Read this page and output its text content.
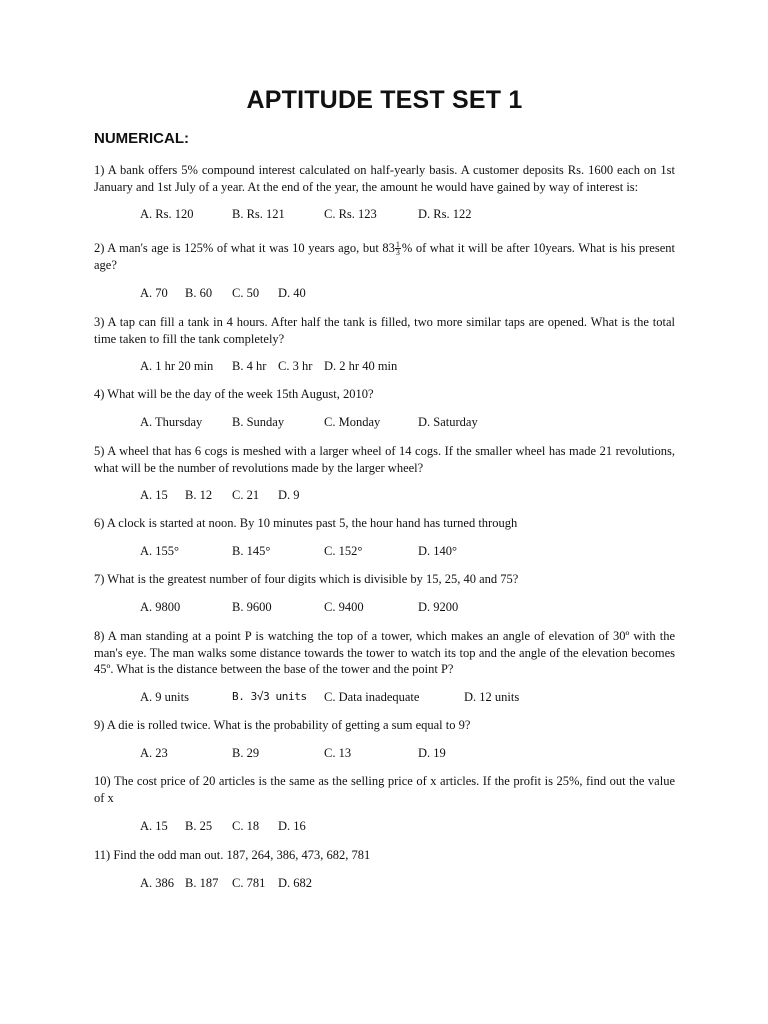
APTITUDE TEST SET 1
NUMERICAL:

1) A bank offers 5% compound interest calculated on half-yearly basis. A customer deposits Rs. 1600 each on 1st January and 1st July of a year. At the end of the year, the amount he would have gained by way of interest is:

A. Rs. 120	B. Rs. 121	C. Rs. 123	D. Rs. 122

2) A man's age is 125% of what it was 10 years ago, but $83 \frac{1}{3}$ % of what it will be after 10years. What is his present age?

A. 70 B. 60 C. 50 D. 40

3) A tap can fill a tank in 4 hours. After half the tank is filled, two more similar taps are opened. What is the total time taken to fill the tank completely?

A. 1 hr 20 min B. 4 hr C. 3 hr D. 2 hr 40 min

4) What will be the day of the week 15th August, 2010?

A. Thursday B. Sunday	C. Monday	D. Saturday

5) A wheel that has 6 cogs is meshed with a larger wheel of 14 cogs. If the smaller wheel has made 21 revolutions, what will be the number of revolutions made by the larger wheel?

A. 15 B. 12 C. 21 D. 9

6) A clock is started at noon. By 10 minutes past 5, the hour hand has turned through

A. 155°	B. 145°	C. 152°	D. 140°

7) What is the greatest number of four digits which is divisible by 15, 25, 40 and 75?

A. 9800	B. 9600	C. 9400	D. 9200

8) A man standing at a point P is watching the top of a tower, which makes an angle of elevation of 30º with the man's eye. The man walks some distance towards the tower to watch its top and the angle of the elevation becomes 45º. What is the distance between the base of the tower and the point P?

A. 9 units	B. 3√3 units C. Data inadequate	D. 12 units

9) A die is rolled twice. What is the probability of getting a sum equal to 9?

A. 23	B. 29	C. 13	D. 19

10) The cost price of 20 articles is the same as the selling price of x articles. If the profit is 25%, find out the value of x

A. 15 B. 25 C. 18 D. 16

11) Find the odd man out. 187, 264, 386, 473, 682, 781

A. 386 B. 187 C. 781 D. 682
